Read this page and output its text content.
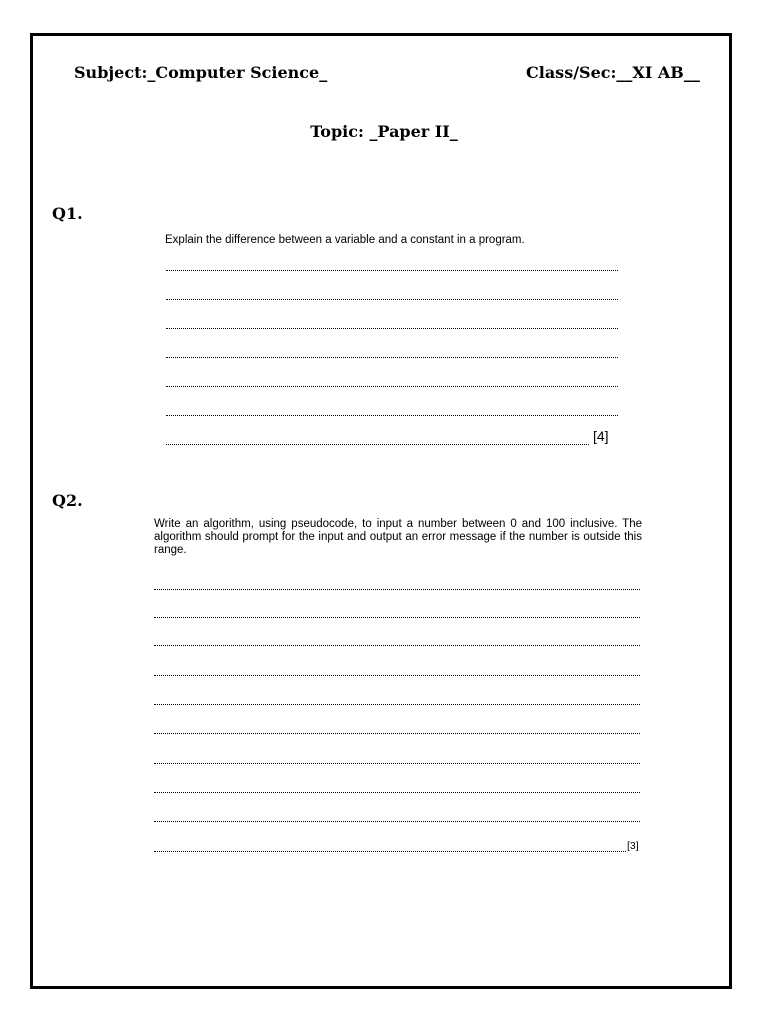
Subject:_Computer Science_	Class/Sec:__XI AB__
Topic: _Paper II_
Q1.
Explain the difference between a variable and a constant in a program.
[4]
Q2.
Write an algorithm, using pseudocode, to input a number between 0 and 100 inclusive. The algorithm should prompt for the input and output an error message if the number is outside this range.
[3]
